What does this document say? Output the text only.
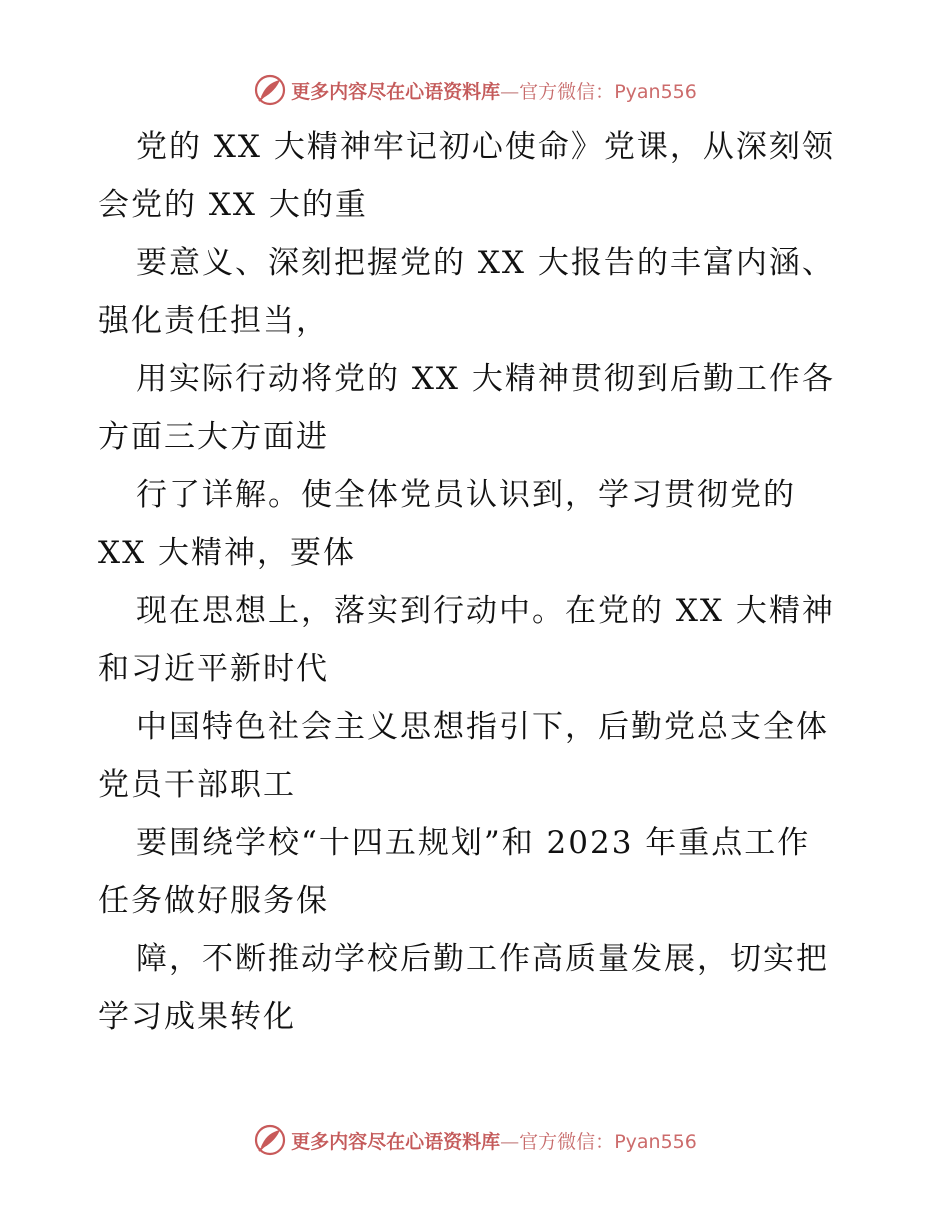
更多内容尽在心语资料库—官方微信：Pyan556
党的 XX 大精神牢记初心使命》党课，从深刻领
会党的 XX 大的重
要意义、深刻把握党的 XX 大报告的丰富内涵、
强化责任担当，
用实际行动将党的 XX 大精神贯彻到后勤工作各
方面三大方面进
行了详解。使全体党员认识到，学习贯彻党的
XX 大精神，要体
现在思想上，落实到行动中。在党的 XX 大精神
和习近平新时代
中国特色社会主义思想指引下，后勤党总支全体
党员干部职工
要围绕学校“十四五规划”和 2023 年重点工作
任务做好服务保
障，不断推动学校后勤工作高质量发展，切实把
学习成果转化
更多内容尽在心语资料库—官方微信：Pyan556
